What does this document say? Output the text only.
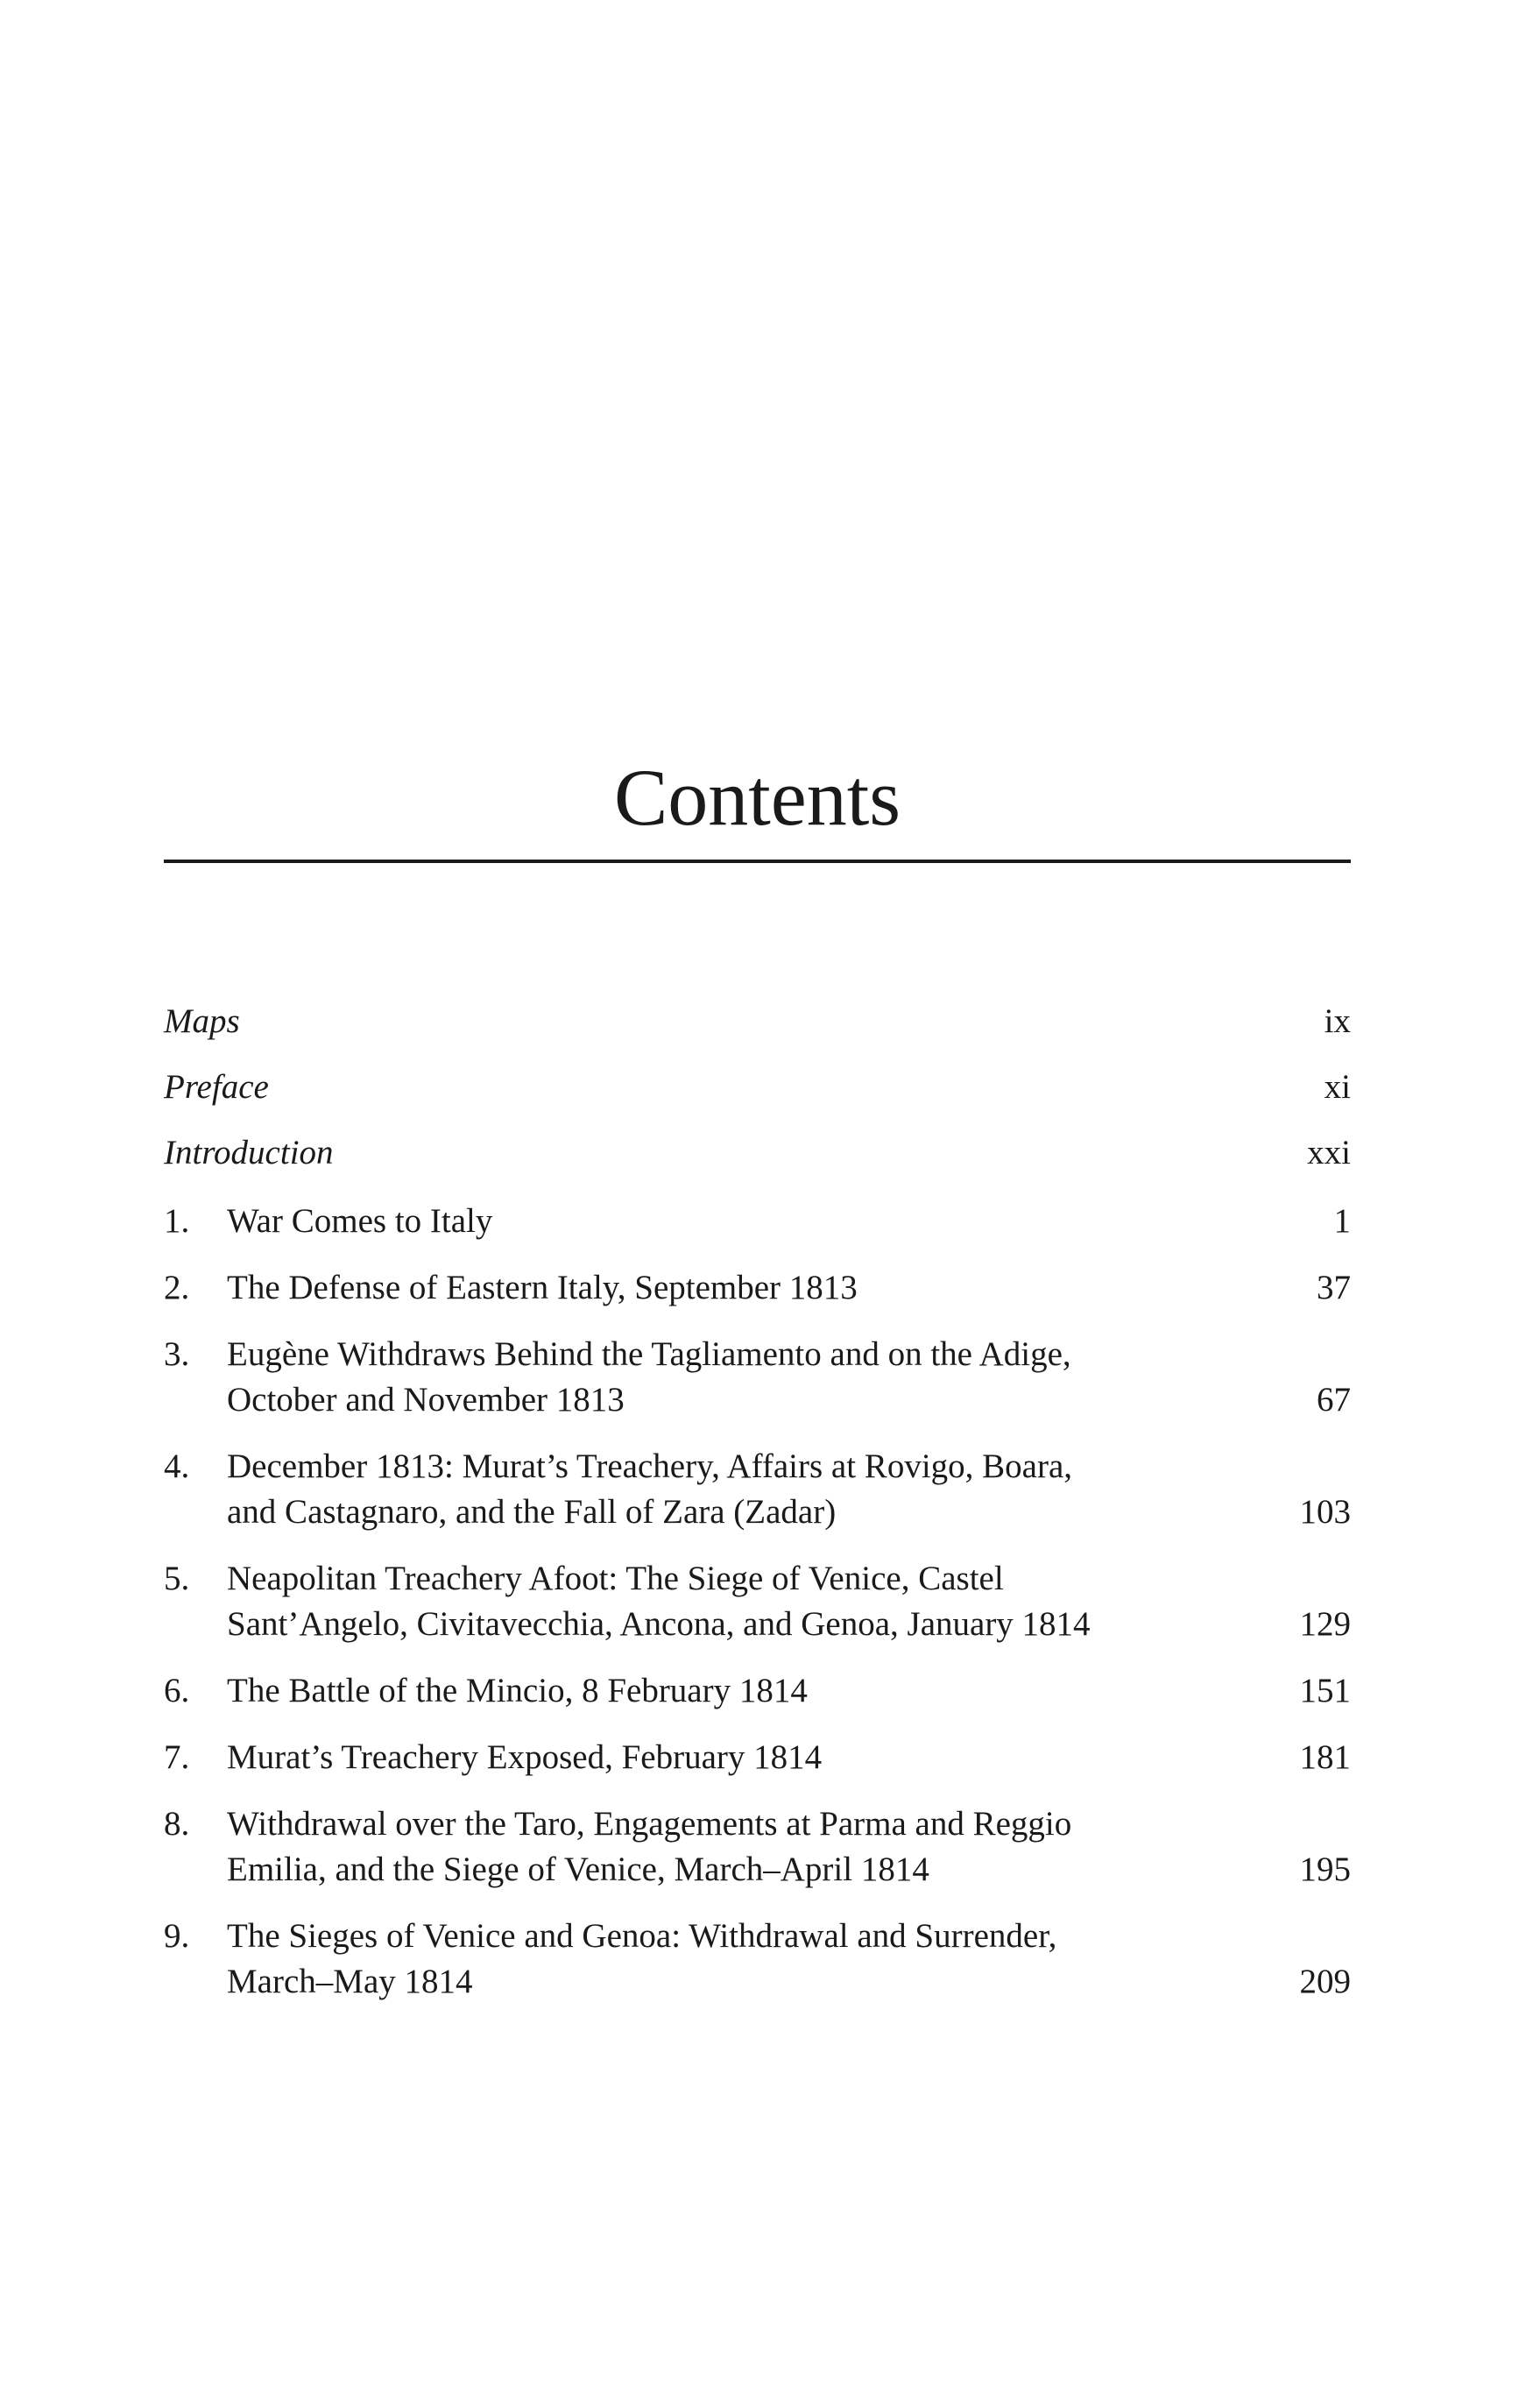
Contents
Maps	ix
Preface	xi
Introduction	xxi
1.	War Comes to Italy	1
2.	The Defense of Eastern Italy, September 1813	37
3.	Eugène Withdraws Behind the Tagliamento and on the Adige,
October and November 1813	67
4.	December 1813: Murat’s Treachery, Affairs at Rovigo, Boara,
and Castagnaro, and the Fall of Zara (Zadar)	103
5.	Neapolitan Treachery Afoot: The Siege of Venice, Castel
Sant’Angelo, Civitavecchia, Ancona, and Genoa, January 1814	129
6.	The Battle of the Mincio, 8 February 1814	151
7.	Murat’s Treachery Exposed, February 1814	181
8.	Withdrawal over the Taro, Engagements at Parma and Reggio
Emilia, and the Siege of Venice, March–April 1814	195
9.	The Sieges of Venice and Genoa: Withdrawal and Surrender,
March–May 1814	209
